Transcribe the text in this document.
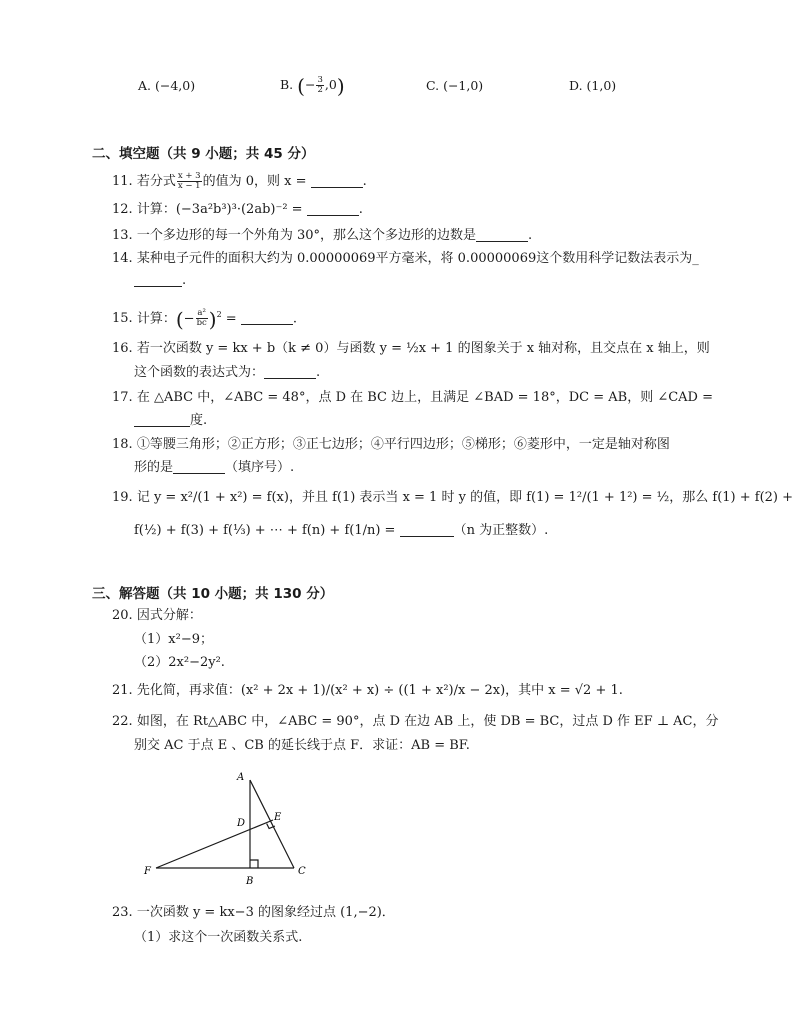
A. (−4,0)	B. (− $\frac{3}{2} ,0$)	C. (−1,0)	D. (1,0)
二、填空题（共 9 小题；共 45 分）
11. 若分式 $\frac{x + 3}{x - 1}$ 的值为 0，则 x =	.
12. 计算：(−3a²b³)³·(2ab)⁻² =	.
13. 一个多边形的每一个外角为 30°，那么这个多边形的边数是	.
14. 某种电子元件的面积大约为 0.00000069平方毫米，将 0.00000069这个数用科学记数法表示为_
.
15. 计算：(− $\frac{\text{a²}}{bc} )^2$ =	.
16. 若一次函数 y = kx + b（k ≠ 0）与函数 y = ½x + 1 的图象关于 x 轴对称，且交点在 x 轴上，则
这个函数的表达式为：	.
17. 在 △ABC 中，∠ABC = 48°，点 D 在 BC 边上，且满足 ∠BAD = 18°，DC = AB，则 ∠CAD =
度.
18. ①等腰三角形；②正方形；③正七边形；④平行四边形；⑤梯形；⑥菱形中，一定是轴对称图
形的是	（填序号）.
19. 记 y = x²/(1 + x²) = f(x)，并且 f(1) 表示当 x = 1 时 y 的值，即 f(1) = 1²/(1 + 1²) = ½，那么 f(1) + f(2) +
f(½) + f(3) + f(⅓) + ⋯ + f(n) + f(1/n) =	（n 为正整数）.
三、解答题（共 10 小题；共 130 分）
20. 因式分解：
（1）x²−9；
（2）2x²−2y².
21. 先化简，再求值：(x² + 2x + 1)/(x² + x) ÷ ((1 + x²)/x − 2x)，其中 x = √2 + 1.
22. 如图，在 Rt△ABC 中，∠ABC = 90°，点 D 在边 AB 上，使 DB = BC，过点 D 作 EF ⊥ AC，分
别交 AC 于点 E 、CB 的延长线于点 F．求证：AB = BF.
A
D
E
F
B
C
23. 一次函数 y = kx−3 的图象经过点 (1,−2)．
（1）求这个一次函数关系式.
